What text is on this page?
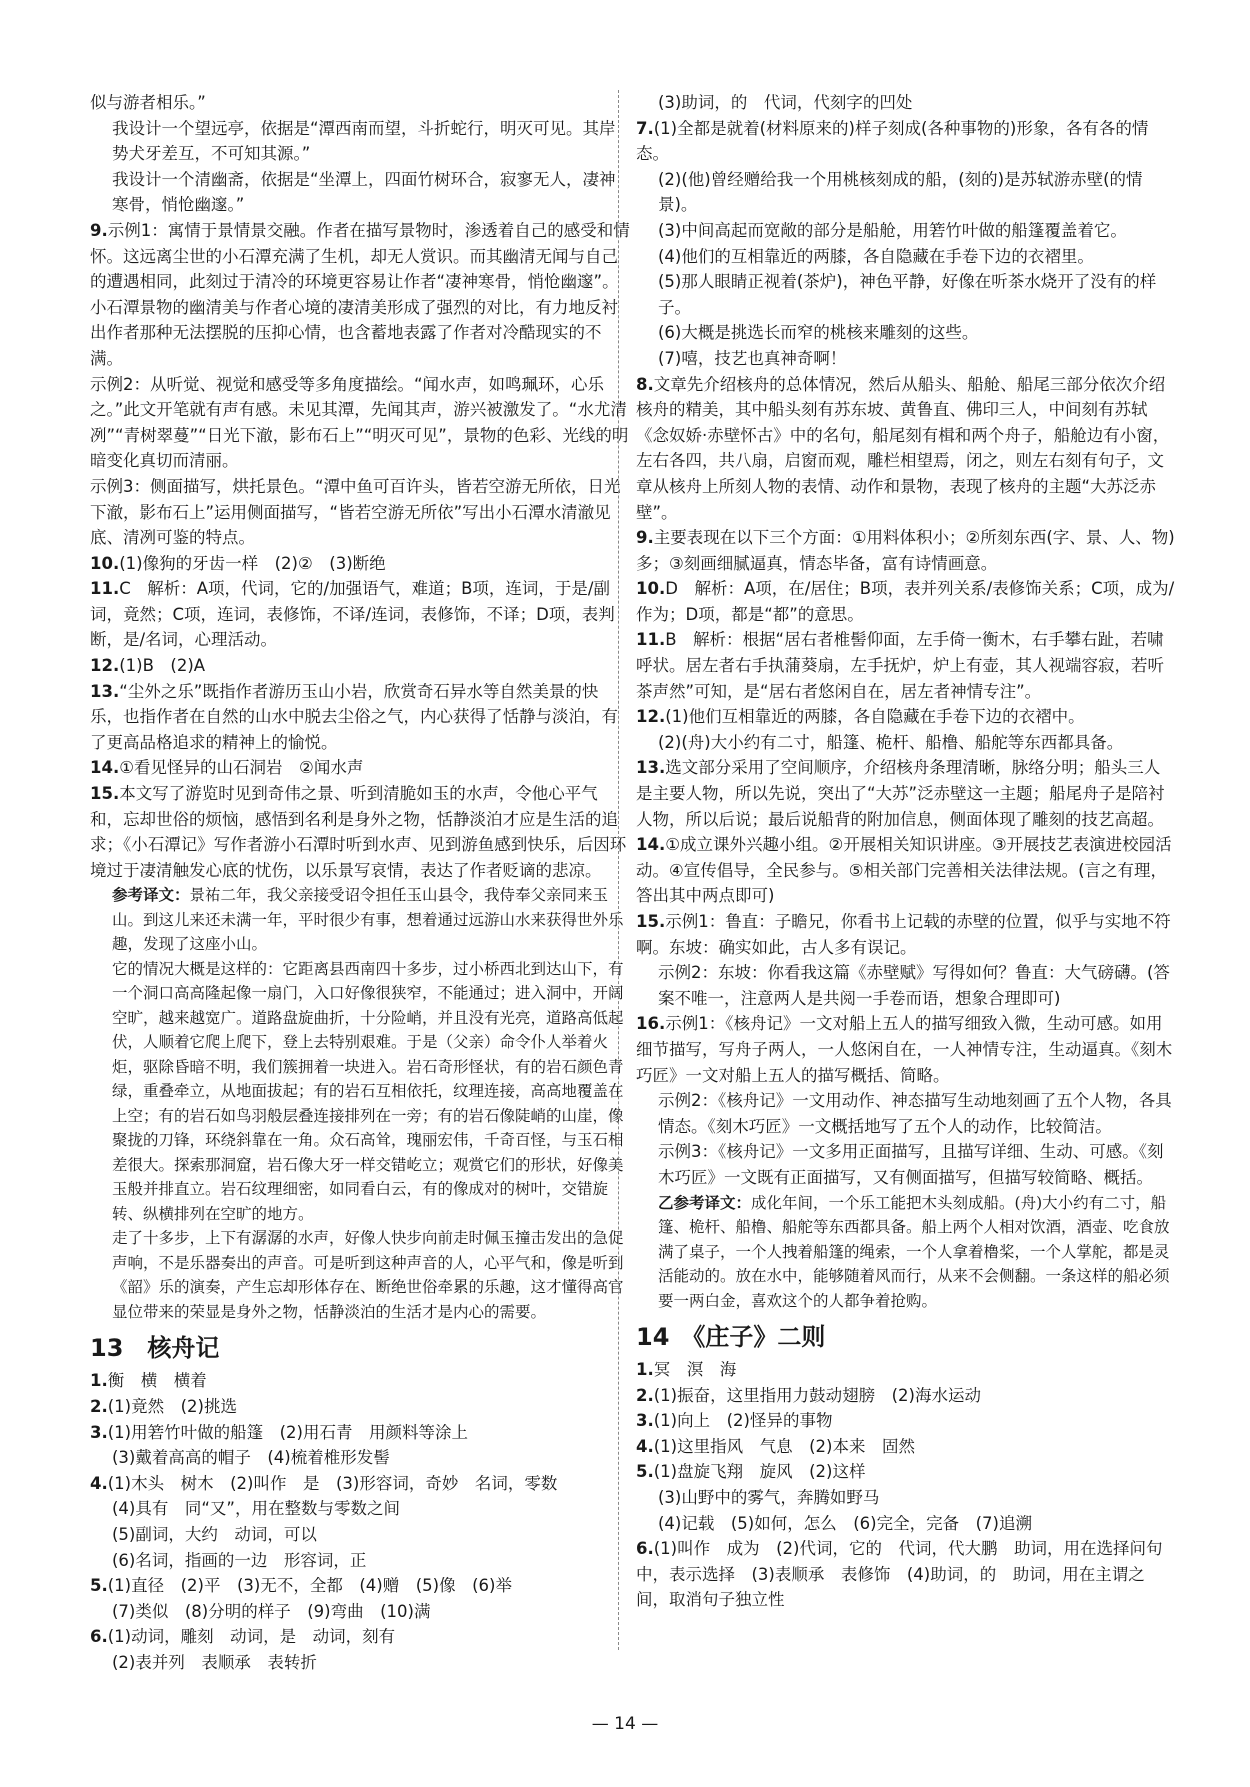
似与游者相乐。”

我设计一个望远亭，依据是“潭西南而望，斗折蛇行，明灭可见。其岸势犬牙差互，不可知其源。”

我设计一个清幽斋，依据是“坐潭上，四面竹树环合，寂寥无人，凄神寒骨，悄怆幽邃。”

9.示例1：寓情于景情景交融。作者在描写景物时，渗透着自己的感受和情怀。这远离尘世的小石潭充满了生机，却无人赏识。而其幽清无闻与自己的遭遇相同，此刻过于清冷的环境更容易让作者“凄神寒骨，悄怆幽邃”。小石潭景物的幽清美与作者心境的凄清美形成了强烈的对比，有力地反衬出作者那种无法摆脱的压抑心情，也含蓄地表露了作者对冷酷现实的不满。

示例2：从听觉、视觉和感受等多角度描绘。“闻水声，如鸣珮环，心乐之。”此文开笔就有声有感。未见其潭，先闻其声，游兴被激发了。“水尤清冽”“青树翠蔓”“日光下澈，影布石上”“明灭可见”，景物的色彩、光线的明暗变化真切而清丽。

示例3：侧面描写，烘托景色。“潭中鱼可百许头，皆若空游无所依，日光下澈，影布石上”运用侧面描写，“皆若空游无所依”写出小石潭水清澈见底、清冽可鉴的特点。

10.(1)像狗的牙齿一样　(2)②　(3)断绝

11.C　解析：A项，代词，它的/加强语气，难道；B项，连词，于是/副词，竟然；C项，连词，表修饰，不译/连词，表修饰，不译；D项，表判断，是/名词，心理活动。

12.(1)B　(2)A

13.“尘外之乐”既指作者游历玉山小岩，欣赏奇石异水等自然美景的快乐，也指作者在自然的山水中脱去尘俗之气，内心获得了恬静与淡泊，有了更高品格追求的精神上的愉悦。

14.①看见怪异的山石洞岩　②闻水声

15.本文写了游览时见到奇伟之景、听到清脆如玉的水声，令他心平气和，忘却世俗的烦恼，感悟到名利是身外之物，恬静淡泊才应是生活的追求；《小石潭记》写作者游小石潭时听到水声、见到游鱼感到快乐，后因环境过于凄清触发心底的忧伤，以乐景写哀情，表达了作者贬谪的悲凉。

参考译文：景祐二年，我父亲接受诏令担任玉山县令，我侍奉父亲同来玉山。到这儿来还未满一年，平时很少有事，想着通过远游山水来获得世外乐趣，发现了这座小山。

它的情况大概是这样的：它距离县西南四十多步，过小桥西北到达山下，有一个洞口高高隆起像一扇门，入口好像很狭窄，不能通过；进入洞中，开阔空旷，越来越宽广。道路盘旋曲折，十分险峭，并且没有光亮，道路高低起伏，人顺着它爬上爬下，登上去特别艰难。于是（父亲）命令仆人举着火炬，驱除昏暗不明，我们簇拥着一块进入。岩石奇形怪状，有的岩石颜色青绿，重叠牵立，从地面拔起；有的岩石互相依托，纹理连接，高高地覆盖在上空；有的岩石如鸟羽般层叠连接排列在一旁；有的岩石像陡峭的山崖，像聚拢的刀锋，环绕斜靠在一角。众石高耸，瑰丽宏伟，千奇百怪，与玉石相差很大。探索那洞窟，岩石像大牙一样交错屹立；观赏它们的形状，好像美玉般并排直立。岩石纹理细密，如同看白云，有的像成对的树叶，交错旋转、纵横排列在空旷的地方。

走了十多步，上下有潺潺的水声，好像人快步向前走时佩玉撞击发出的急促声响，不是乐器奏出的声音。可是听到这种声音的人，心平气和，像是听到《韶》乐的演奏，产生忘却形体存在、断绝世俗牵累的乐趣，这才懂得高官显位带来的荣显是身外之物，恬静淡泊的生活才是内心的需要。

13　核舟记

1.衡　横　横着

2.(1)竟然　(2)挑选

3.(1)用箬竹叶做的船篷　(2)用石青　用颜料等涂上

(3)戴着高高的帽子　(4)梳着椎形发髻

4.(1)木头　树木　(2)叫作　是　(3)形容词，奇妙　名词，零数

(4)具有　同“又”，用在整数与零数之间

(5)副词，大约　动词，可以

(6)名词，指画的一边　形容词，正

5.(1)直径　(2)平　(3)无不，全都　(4)赠　(5)像　(6)举

(7)类似　(8)分明的样子　(9)弯曲　(10)满

6.(1)动词，雕刻　动词，是　动词，刻有

(2)表并列　表顺承　表转折

(3)助词，的　代词，代刻字的凹处

7.(1)全都是就着(材料原来的)样子刻成(各种事物的)形象，各有各的情态。

(2)(他)曾经赠给我一个用桃核刻成的船，(刻的)是苏轼游赤壁(的情景)。

(3)中间高起而宽敞的部分是船舱，用箬竹叶做的船篷覆盖着它。

(4)他们的互相靠近的两膝，各自隐藏在手卷下边的衣褶里。

(5)那人眼睛正视着(茶炉)，神色平静，好像在听茶水烧开了没有的样子。

(6)大概是挑选长而窄的桃核来雕刻的这些。

(7)嘻，技艺也真神奇啊！

8.文章先介绍核舟的总体情况，然后从船头、船舱、船尾三部分依次介绍核舟的精美，其中船头刻有苏东坡、黄鲁直、佛印三人，中间刻有苏轼《念奴娇·赤壁怀古》中的名句，船尾刻有楫和两个舟子，船舱边有小窗，左右各四，共八扇，启窗而观，雕栏相望焉，闭之，则左右刻有句子，文章从核舟上所刻人物的表情、动作和景物，表现了核舟的主题“大苏泛赤壁”。

9.主要表现在以下三个方面：①用料体积小；②所刻东西(字、景、人、物)多；③刻画细腻逼真，情态毕备，富有诗情画意。

10.D　解析：A项，在/居住；B项，表并列关系/表修饰关系；C项，成为/作为；D项，都是“都”的意思。

11.B　解析：根据“居右者椎髻仰面，左手倚一衡木，右手攀右趾，若啸呼状。居左者右手执蒲葵扇，左手抚炉，炉上有壶，其人视端容寂，若听茶声然”可知，是“居右者悠闲自在，居左者神情专注”。

12.(1)他们互相靠近的两膝，各自隐藏在手卷下边的衣褶中。

(2)(舟)大小约有二寸，船篷、桅杆、船橹、船舵等东西都具备。

13.选文部分采用了空间顺序，介绍核舟条理清晰，脉络分明；船头三人是主要人物，所以先说，突出了“大苏”泛赤壁这一主题；船尾舟子是陪衬人物，所以后说；最后说船背的附加信息，侧面体现了雕刻的技艺高超。

14.①成立课外兴趣小组。②开展相关知识讲座。③开展技艺表演进校园活动。④宣传倡导，全民参与。⑤相关部门完善相关法律法规。(言之有理，答出其中两点即可)

15.示例1：鲁直：子瞻兄，你看书上记载的赤壁的位置，似乎与实地不符啊。东坡：确实如此，古人多有误记。

示例2：东坡：你看我这篇《赤壁赋》写得如何？鲁直：大气磅礴。(答案不唯一，注意两人是共阅一手卷而语，想象合理即可)

16.示例1：《核舟记》一文对船上五人的描写细致入微，生动可感。如用细节描写，写舟子两人，一人悠闲自在，一人神情专注，生动逼真。《刻木巧匠》一文对船上五人的描写概括、简略。

示例2：《核舟记》一文用动作、神态描写生动地刻画了五个人物，各具情态。《刻木巧匠》一文概括地写了五个人的动作，比较简洁。

示例3：《核舟记》一文多用正面描写，且描写详细、生动、可感。《刻木巧匠》一文既有正面描写，又有侧面描写，但描写较简略、概括。

乙参考译文：成化年间，一个乐工能把木头刻成船。(舟)大小约有二寸，船篷、桅杆、船橹、船舵等东西都具备。船上两个人相对饮酒，酒壶、吃食放满了桌子，一个人拽着船篷的绳索，一个人拿着橹桨，一个人掌舵，都是灵活能动的。放在水中，能够随着风而行，从来不会侧翻。一条这样的船必须要一两白金，喜欢这个的人都争着抢购。

14　《庄子》二则

1.冥　溟　海

2.(1)振奋，这里指用力鼓动翅膀　(2)海水运动

3.(1)向上　(2)怪异的事物

4.(1)这里指风　气息　(2)本来　固然

5.(1)盘旋飞翔　旋风　(2)这样

(3)山野中的雾气，奔腾如野马

(4)记载　(5)如何，怎么　(6)完全，完备　(7)追溯

6.(1)叫作　成为　(2)代词，它的　代词，代大鹏　助词，用在选择问句中，表示选择　(3)表顺承　表修饰　(4)助词，的　助词，用在主谓之间，取消句子独立性

— 14 —
